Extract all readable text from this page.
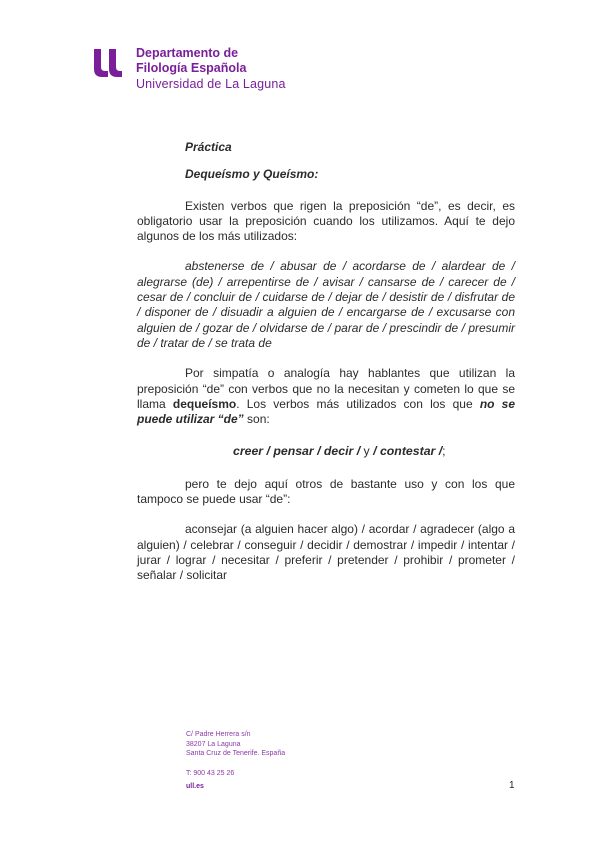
Departamento de
Filología Española
Universidad de La Laguna
Práctica
Dequeísmo y Queísmo:

Existen verbos que rigen la preposición “de”, es decir, es obligatorio usar la preposición cuando los utilizamos. Aquí te dejo algunos de los más utilizados:

abstenerse de / abusar de / acordarse de / alardear de / alegrarse (de) / arrepentirse de / avisar / cansarse de / carecer de / cesar de / concluir de / cuidarse de / dejar de / desistir de / disfrutar de / disponer de / disuadir a alguien de / encargarse de / excusarse con alguien de / gozar de / olvidarse de / parar de / prescindir de / presumir de / tratar de / se trata de

Por simpatía o analogía hay hablantes que utilizan la preposición “de” con verbos que no la necesitan y cometen lo que se llama dequeísmo. Los verbos más utilizados con los que no se puede utilizar “de” son:

creer / pensar / decir / y / contestar /;

pero te dejo aquí otros de bastante uso y con los que tampoco se puede usar “de”:

aconsejar (a alguien hacer algo) / acordar / agradecer (algo a alguien) / celebrar / conseguir / decidir / demostrar / impedir / intentar / jurar / lograr / necesitar / preferir / pretender / prohibir / prometer / señalar / solicitar

C/ Padre Herrera s/n
38207 La Laguna
Santa Cruz de Tenerife. España
T: 900 43 25 26
ull.es	1
